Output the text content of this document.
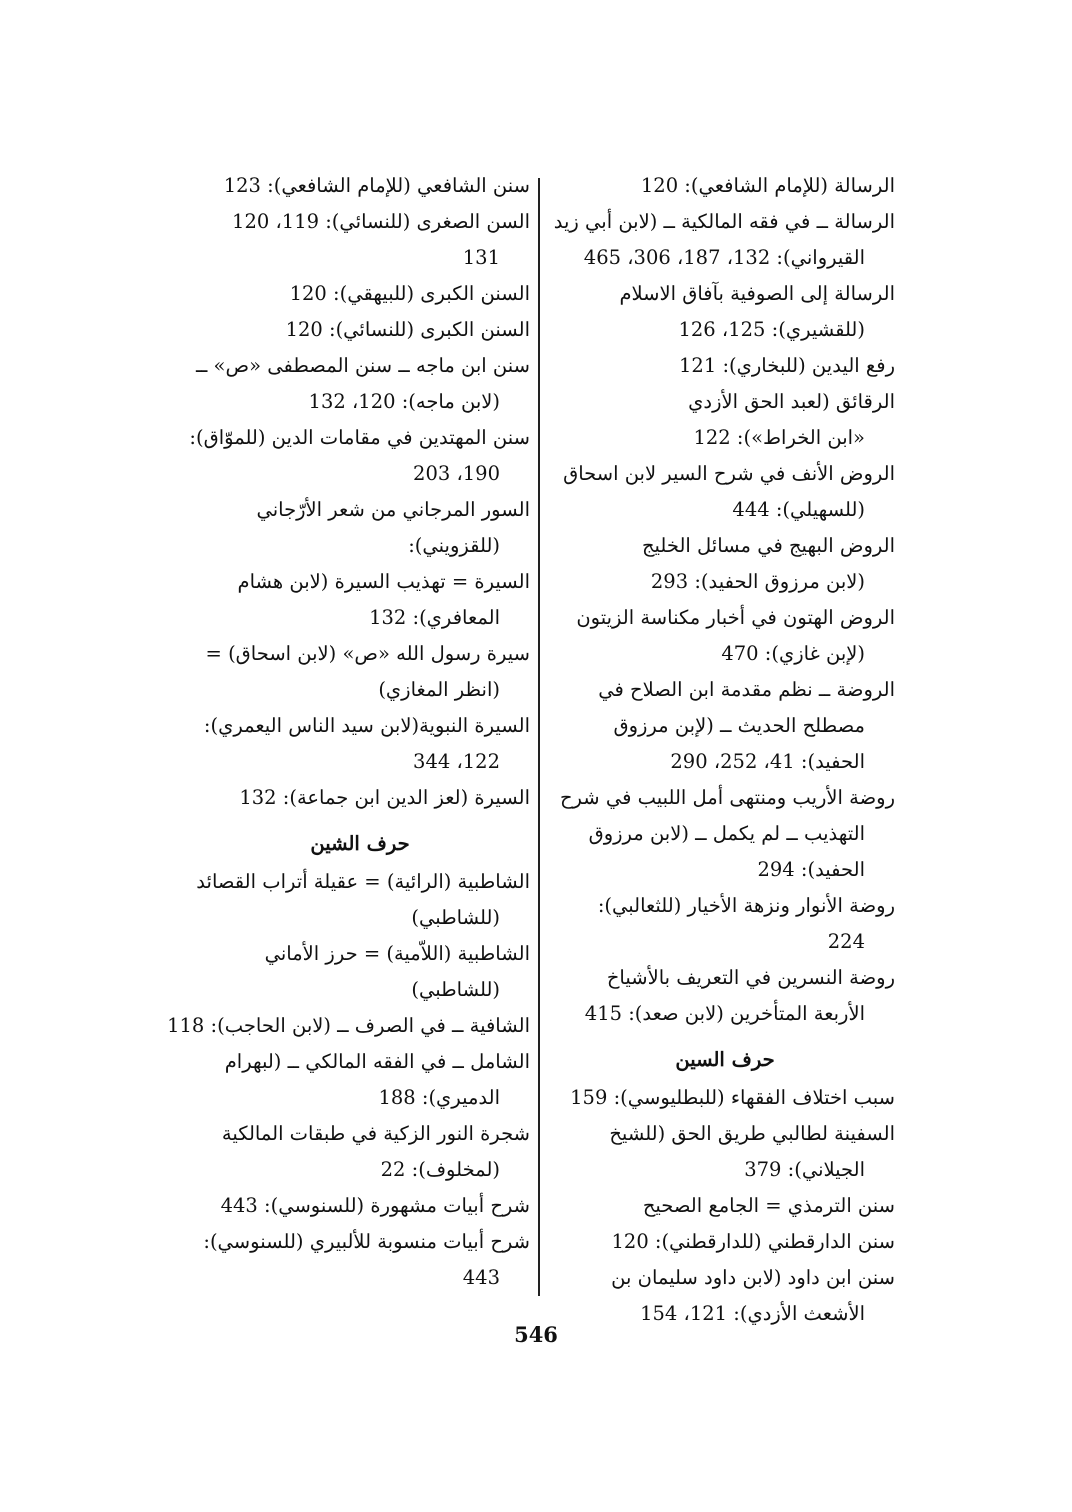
الرسالة (للإمام الشافعي): 120
الرسالة ــ في فقه المالكية ــ (لابن أبي زيد
القيرواني): 132، 187، 306، 465
الرسالة إلى الصوفية بآفاق الاسلام
(للقشيري): 125، 126
رفع اليدين (للبخاري): 121
الرقائق (لعبد الحق الأزدي
«ابن الخراط»): 122
الروض الأنف في شرح السير لابن اسحاق
(للسهيلي): 444
الروض البهيج في مسائل الخليج
(لابن مرزوق الحفيد): 293
الروض الهتون في أخبار مكناسة الزيتون
(لإبن غازي): 470
الروضة ــ نظم مقدمة ابن الصلاح في
مصطلح الحديث ــ (لإبن مرزوق
الحفيد): 41، 252، 290
روضة الأريب ومنتهى أمل اللبيب في شرح
التهذيب ــ لم يكمل ــ (لابن مرزوق
الحفيد): 294
روضة الأنوار ونزهة الأخيار (للثعالبي):
224
روضة النسرين في التعريف بالأشياخ
الأربعة المتأخرين (لابن صعد): 415
حرف السين
سبب اختلاف الفقهاء (للبطليوسي): 159
السفينة لطالبي طريق الحق (للشيخ
الجيلاني): 379
سنن الترمذي = الجامع الصحيح
سنن الدارقطني (للدارقطني): 120
سنن ابن داود (لابن داود سليمان بن
الأشعث الأزدي): 121، 154
سنن الشافعي (للإمام الشافعي): 123
السن الصغرى (للنسائي): 119، 120
131
السنن الكبرى (للبيهقي): 120
السنن الكبرى (للنسائي): 120
سنن ابن ماجه ــ سنن المصطفى «ص» ــ
(لابن ماجه): 120، 132
سنن المهتدين في مقامات الدين (للموّاق):
190، 203
السور المرجاني من شعر الأرّجاني
(للقزويني):
السيرة = تهذيب السيرة (لابن هشام
المعافري): 132
سيرة رسول الله «ص» (لابن اسحاق) =
(انظر المغازي)
السيرة النبوية(لابن سيد الناس اليعمري):
122، 344
السيرة (لعز الدين ابن جماعة): 132
حرف الشين
الشاطبية (الرائية) = عقيلة أتراب القصائد
(للشاطبي)
الشاطبية (اللاّمية) = حرز الأماني
(للشاطبي)
الشافية ــ في الصرف ــ (لابن الحاجب): 118
الشامل ــ في الفقه المالكي ــ (لبهرام
الدميري): 188
شجرة النور الزكية في طبقات المالكية
(لمخلوف): 22
شرح أبيات مشهورة (للسنوسي): 443
شرح أبيات منسوبة للألبيري (للسنوسي):
443
546
